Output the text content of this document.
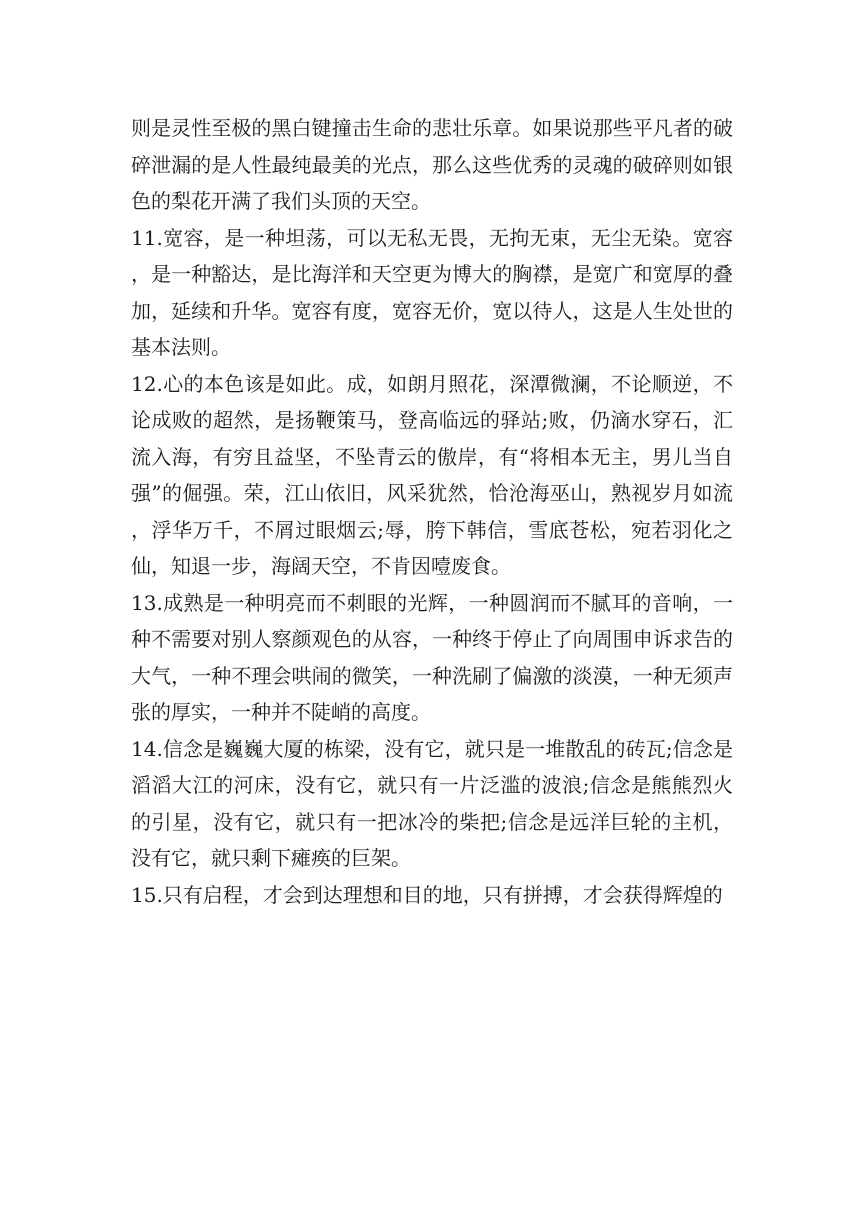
则是灵性至极的黑白键撞击生命的悲壮乐章。如果说那些平凡者的破碎泄漏的是人性最纯最美的光点，那么这些优秀的灵魂的破碎则如银色的梨花开满了我们头顶的天空。

11.宽容，是一种坦荡，可以无私无畏，无拘无束，无尘无染。宽容，是一种豁达，是比海洋和天空更为博大的胸襟，是宽广和宽厚的叠加，延续和升华。宽容有度，宽容无价，宽以待人，这是人生处世的基本法则。

12.心的本色该是如此。成，如朗月照花，深潭微澜，不论顺逆，不论成败的超然，是扬鞭策马，登高临远的驿站;败，仍滴水穿石，汇流入海，有穷且益坚，不坠青云的傲岸，有“将相本无主，男儿当自强”的倔强。荣，江山依旧，风采犹然，恰沧海巫山，熟视岁月如流，浮华万千，不屑过眼烟云;辱，胯下韩信，雪底苍松，宛若羽化之仙，知退一步，海阔天空，不肯因噎废食。

13.成熟是一种明亮而不刺眼的光辉，一种圆润而不腻耳的音响，一种不需要对别人察颜观色的从容，一种终于停止了向周围申诉求告的大气，一种不理会哄闹的微笑，一种洗刷了偏激的淡漠，一种无须声张的厚实，一种并不陡峭的高度。

14.信念是巍巍大厦的栋梁，没有它，就只是一堆散乱的砖瓦;信念是滔滔大江的河床，没有它，就只有一片泛滥的波浪;信念是熊熊烈火的引星，没有它，就只有一把冰冷的柴把;信念是远洋巨轮的主机，没有它，就只剩下瘫痪的巨架。

15.只有启程，才会到达理想和目的地，只有拼搏，才会获得辉煌的
